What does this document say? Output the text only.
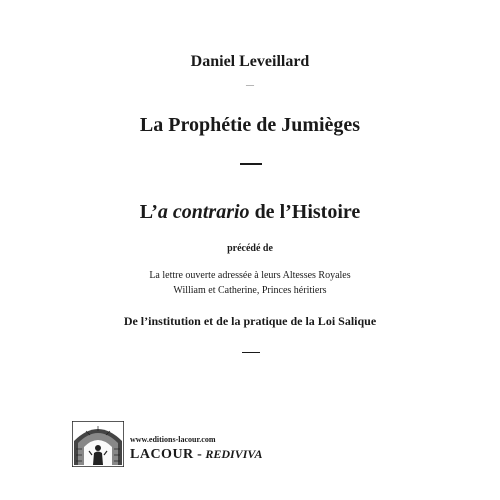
Daniel Leveillard
—
La Prophétie de Jumièges
L’a contrario de l’Histoire
précédé de
La lettre ouverte adressée à leurs Altesses Royales
William et Catherine, Princes héritiers
De l’institution et de la pratique de la Loi Salique
www.editions-lacour.com
LACOUR - REDIVIVA
